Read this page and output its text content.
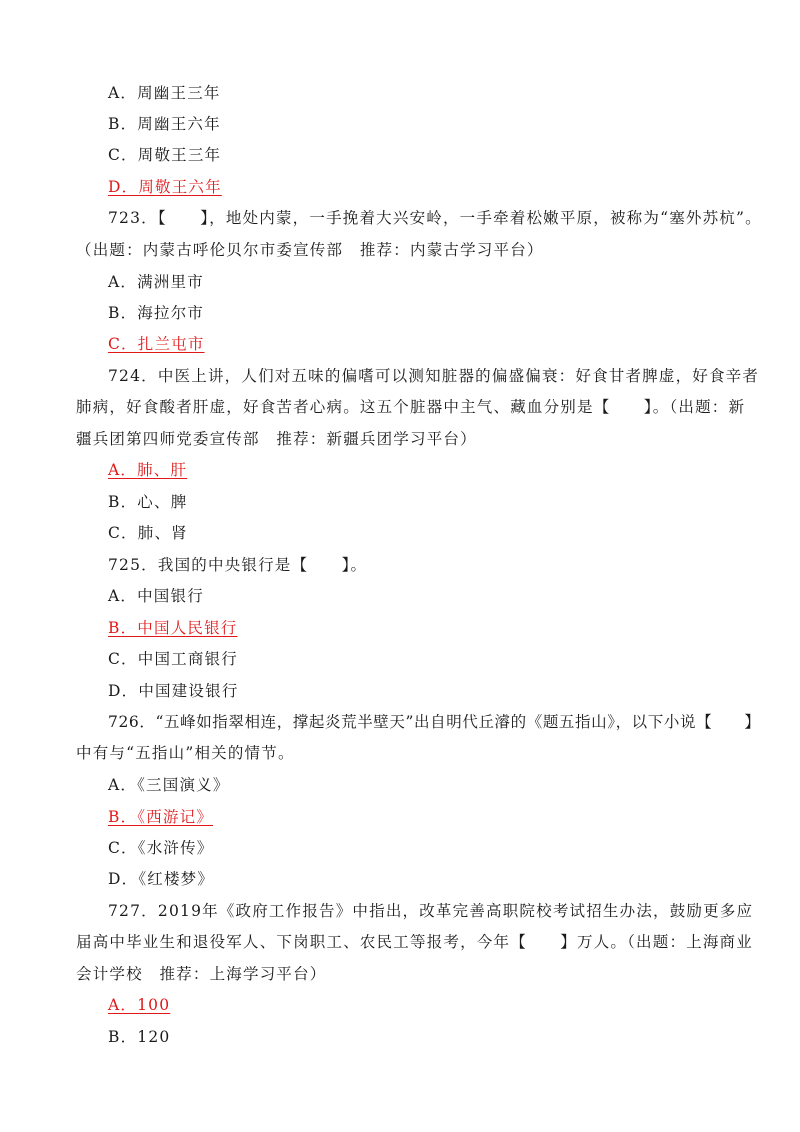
A．周幽王三年
B．周幽王六年
C．周敬王三年
D．周敬王六年
723．【　　】，地处内蒙，一手挽着大兴安岭，一手牵着松嫩平原，被称为“塞外苏杭”。
（出题：内蒙古呼伦贝尔市委宣传部　推荐：内蒙古学习平台）
A．满洲里市
B．海拉尔市
C．扎兰屯市
724．中医上讲，人们对五味的偏嗜可以测知脏器的偏盛偏衰：好食甘者脾虚，好食辛者
肺病，好食酸者肝虚，好食苦者心病。这五个脏器中主气、藏血分别是【　　】。（出题：新
疆兵团第四师党委宣传部　推荐：新疆兵团学习平台）
A．肺、肝
B．心、脾
C．肺、肾
725．我国的中央银行是【　　】。
A．中国银行
B．中国人民银行
C．中国工商银行
D．中国建设银行
726．“五峰如指翠相连，撑起炎荒半壁天”出自明代丘濬的《题五指山》，以下小说【　　】
中有与“五指山”相关的情节。
A．《三国演义》
B．《西游记》
C．《水浒传》
D．《红楼梦》
727．2019年《政府工作报告》中指出，改革完善高职院校考试招生办法，鼓励更多应
届高中毕业生和退役军人、下岗职工、农民工等报考，今年【　　】万人。（出题：上海商业
会计学校　推荐：上海学习平台）
A．100
B．120
